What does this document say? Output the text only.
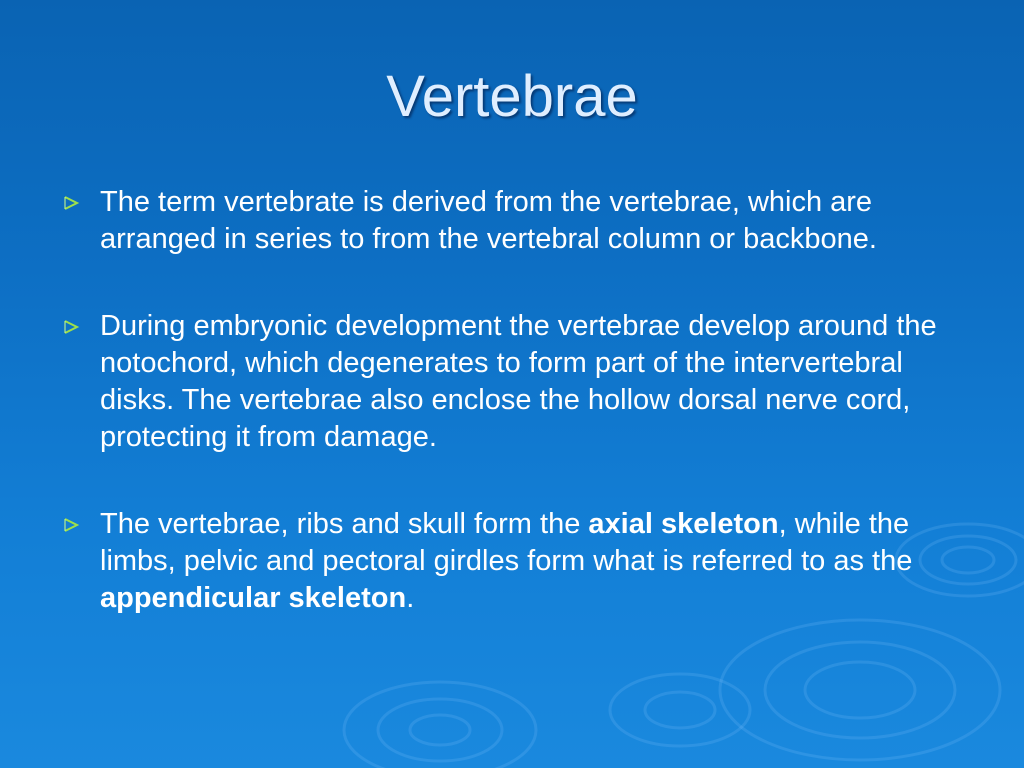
Vertebrae
The term vertebrate is derived from the vertebrae, which are arranged in series to from the vertebral column or backbone.
During embryonic development the vertebrae develop around the notochord, which degenerates to form part of the intervertebral disks. The vertebrae also enclose the hollow dorsal nerve cord, protecting it from damage.
The vertebrae, ribs and skull form the axial skeleton, while the limbs, pelvic and pectoral girdles form what is referred to as the appendicular skeleton.
